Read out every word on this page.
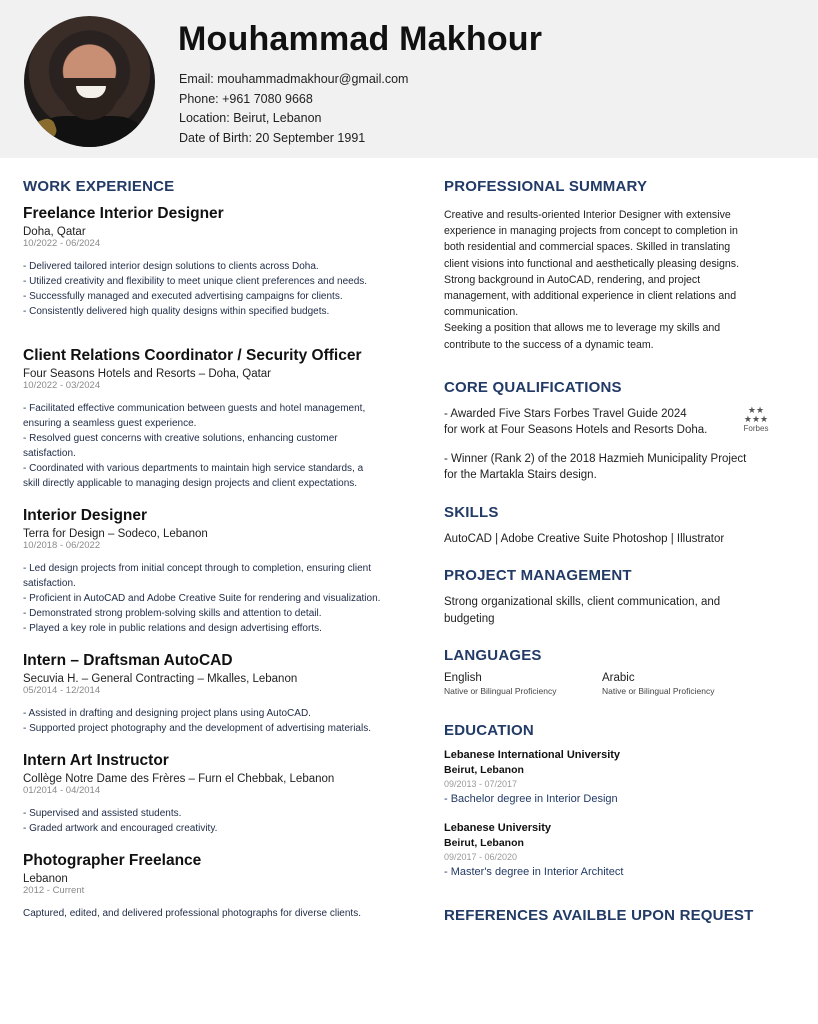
Mouhammad Makhour
Email: mouhammadmakhour@gmail.com
Phone: +961 7080 9668
Location: Beirut, Lebanon
Date of Birth: 20 September 1991
WORK EXPERIENCE
Freelance Interior Designer
Doha, Qatar
10/2022 - 06/2024
- Delivered tailored interior design solutions to clients across Doha.
- Utilized creativity and flexibility to meet unique client preferences and needs.
- Successfully managed and executed advertising campaigns for clients.
- Consistently delivered high quality designs within specified budgets.
Client Relations Coordinator / Security Officer
Four Seasons Hotels and Resorts – Doha, Qatar
10/2022 - 03/2024
- Facilitated effective communication between guests and hotel management,
ensuring a seamless guest experience.
- Resolved guest concerns with creative solutions, enhancing customer
satisfaction.
- Coordinated with various departments to maintain high service standards, a
skill directly applicable to managing design projects and client expectations.
Interior Designer
Terra for Design – Sodeco, Lebanon
10/2018 - 06/2022
- Led design projects from initial concept through to completion, ensuring client
satisfaction.
- Proficient in AutoCAD and Adobe Creative Suite for rendering and visualization.
- Demonstrated strong problem-solving skills and attention to detail.
- Played a key role in public relations and design advertising efforts.
Intern – Draftsman AutoCAD
Secuvia H. – General Contracting – Mkalles, Lebanon
05/2014 - 12/2014
- Assisted in drafting and designing project plans using AutoCAD.
- Supported project photography and the development of advertising materials.
Intern Art Instructor
Collège Notre Dame des Frères – Furn el Chebbak, Lebanon
01/2014 - 04/2014
- Supervised and assisted students.
- Graded artwork and encouraged creativity.
Photographer Freelance
Lebanon
2012 - Current
Captured, edited, and delivered professional photographs for diverse clients.
PROFESSIONAL SUMMARY
Creative and results-oriented Interior Designer with extensive
experience in managing projects from concept to completion in
both residential and commercial spaces. Skilled in translating
client visions into functional and aesthetically pleasing designs.
Strong background in AutoCAD, rendering, and project
management, with additional experience in client relations and
communication.
Seeking a position that allows me to leverage my skills and
contribute to the success of a dynamic team.
CORE QUALIFICATIONS
- Awarded Five Stars Forbes Travel Guide 2024
for work at Four Seasons Hotels and Resorts Doha.
★★
★★★
Forbes
- Winner (Rank 2) of the 2018 Hazmieh Municipality Project
for the Martakla Stairs design.
SKILLS
AutoCAD | Adobe Creative Suite Photoshop | Illustrator
PROJECT MANAGEMENT
Strong organizational skills, client communication, and
budgeting
LANGUAGES
English
Native or Bilingual Proficiency
Arabic
Native or Bilingual Proficiency
EDUCATION
Lebanese International University
Beirut, Lebanon
09/2013 - 07/2017
- Bachelor degree in Interior Design
Lebanese University
Beirut, Lebanon
09/2017 - 06/2020
- Master's degree in Interior Architect
REFERENCES AVAILBLE UPON REQUEST
